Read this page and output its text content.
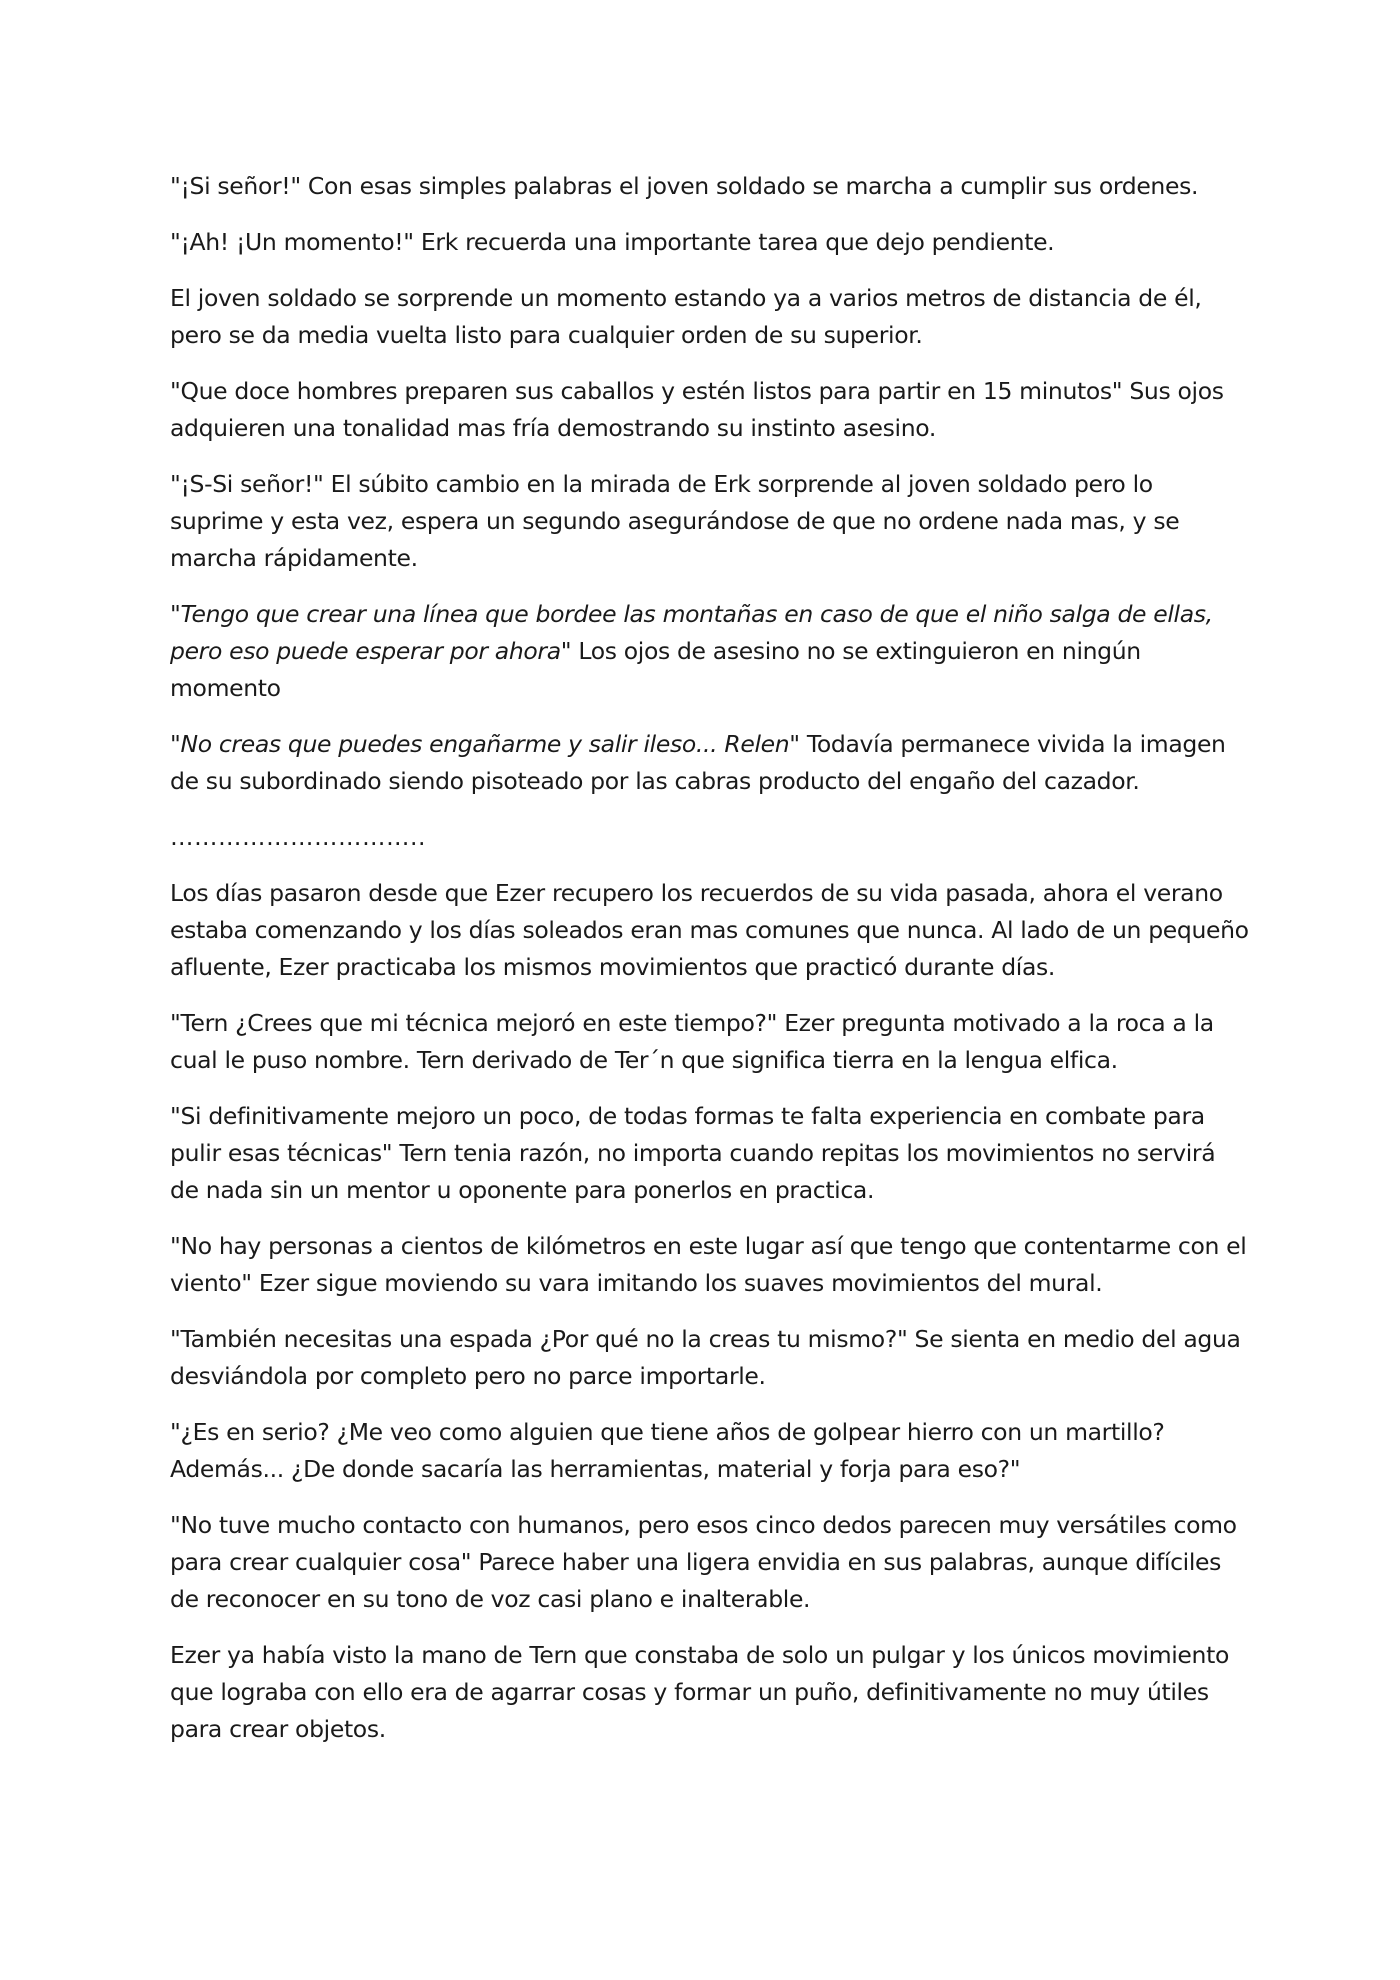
"¡Si señor!" Con esas simples palabras el joven soldado se marcha a cumplir sus ordenes.

"¡Ah! ¡Un momento!" Erk recuerda una importante tarea que dejo pendiente.

El joven soldado se sorprende un momento estando ya a varios metros de distancia de él, pero se da media vuelta listo para cualquier orden de su superior.

"Que doce hombres preparen sus caballos y estén listos para partir en 15 minutos" Sus ojos adquieren una tonalidad mas fría demostrando su instinto asesino.

"¡S-Si señor!" El súbito cambio en la mirada de Erk sorprende al joven soldado pero lo suprime y esta vez, espera un segundo asegurándose de que no ordene nada mas, y se marcha rápidamente.

"Tengo que crear una línea que bordee las montañas en caso de que el niño salga de ellas, pero eso puede esperar por ahora" Los ojos de asesino no se extinguieron en ningún momento

"No creas que puedes engañarme y salir ileso... Relen" Todavía permanece vivida la imagen de su subordinado siendo pisoteado por las cabras producto del engaño del cazador.

…………………………..

Los días pasaron desde que Ezer recupero los recuerdos de su vida pasada, ahora el verano estaba comenzando y los días soleados eran mas comunes que nunca. Al lado de un pequeño afluente, Ezer practicaba los mismos movimientos que practicó durante días.

"Tern ¿Crees que mi técnica mejoró en este tiempo?" Ezer pregunta motivado a la roca a la cual le puso nombre. Tern derivado de Ter´n que significa tierra en la lengua elfica.

"Si definitivamente mejoro un poco, de todas formas te falta experiencia en combate para pulir esas técnicas" Tern tenia razón, no importa cuando repitas los movimientos no servirá de nada sin un mentor u oponente para ponerlos en practica.

"No hay personas a cientos de kilómetros en este lugar así que tengo que contentarme con el viento" Ezer sigue moviendo su vara imitando los suaves movimientos del mural.

"También necesitas una espada ¿Por qué no la creas tu mismo?" Se sienta en medio del agua desviándola por completo pero no parce importarle.

"¿Es en serio? ¿Me veo como alguien que tiene años de golpear hierro con un martillo? Además... ¿De donde sacaría las herramientas, material y forja para eso?"

"No tuve mucho contacto con humanos, pero esos cinco dedos parecen muy versátiles como para crear cualquier cosa" Parece haber una ligera envidia en sus palabras, aunque difíciles de reconocer en su tono de voz casi plano e inalterable.

Ezer ya había visto la mano de Tern que constaba de solo un pulgar y los únicos movimiento que lograba con ello era de agarrar cosas y formar un puño, definitivamente no muy útiles para crear objetos.
